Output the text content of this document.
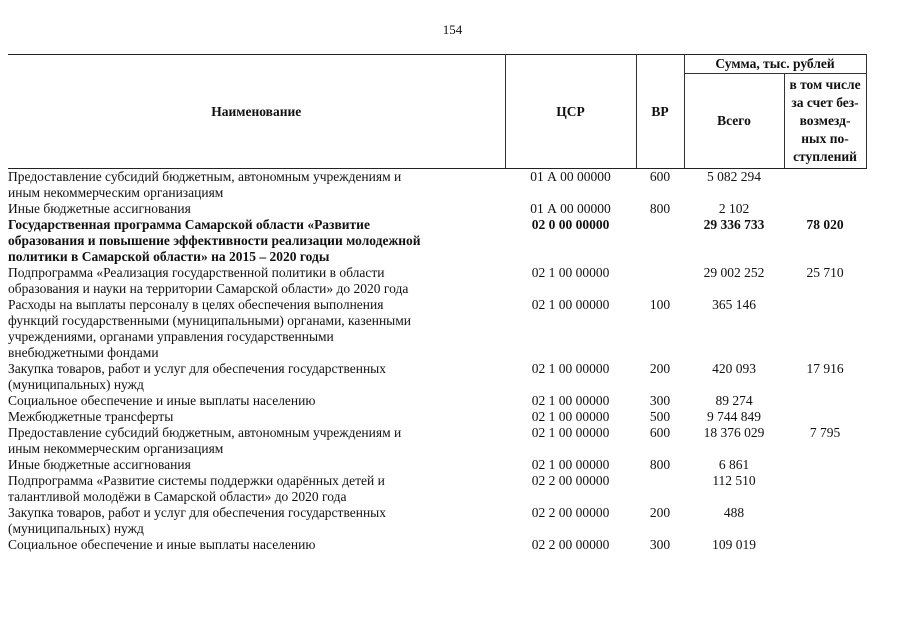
154
Наименование	ЦСР	ВР	Сумма, тыс. рублей	
			Всего	в том числе
за счет без-
возмезд-
ных по-
ступлений

Предоставление субсидий бюджетным, автономным учреждениям и
иным некоммерческим организациям	01 А 00 00000	600	5 082 294	

Иные бюджетные ассигнования	01 А 00 00000	800	2 102	

Государственная программа Самарской области «Развитие
образования и повышение эффективности реализации молодежной
политики в Самарской области» на 2015 – 2020 годы	02 0 00 00000		29 336 733	78 020

Подпрограмма «Реализация государственной политики в области
образования и науки на территории Самарской области» до 2020 года	02 1 00 00000		29 002 252	25 710

Расходы на выплаты персоналу в целях обеспечения выполнения
функций государственными (муниципальными) органами, казенными
учреждениями, органами управления государственными
внебюджетными фондами	02 1 00 00000	100	365 146	

Закупка товаров, работ и услуг для обеспечения государственных
(муниципальных) нужд	02 1 00 00000	200	420 093	17 916

Социальное обеспечение и иные выплаты населению	02 1 00 00000	300	89 274	

Межбюджетные трансферты	02 1 00 00000	500	9 744 849	

Предоставление субсидий бюджетным, автономным учреждениям и
иным некоммерческим организациям	02 1 00 00000	600	18 376 029	7 795

Иные бюджетные ассигнования	02 1 00 00000	800	6 861	

Подпрограмма «Развитие системы поддержки одарённых детей и
талантливой молодёжи в Самарской области» до 2020 года	02 2 00 00000		112 510	

Закупка товаров, работ и услуг для обеспечения государственных
(муниципальных) нужд	02 2 00 00000	200	488	

Социальное обеспечение и иные выплаты населению	02 2 00 00000	300	109 019	
